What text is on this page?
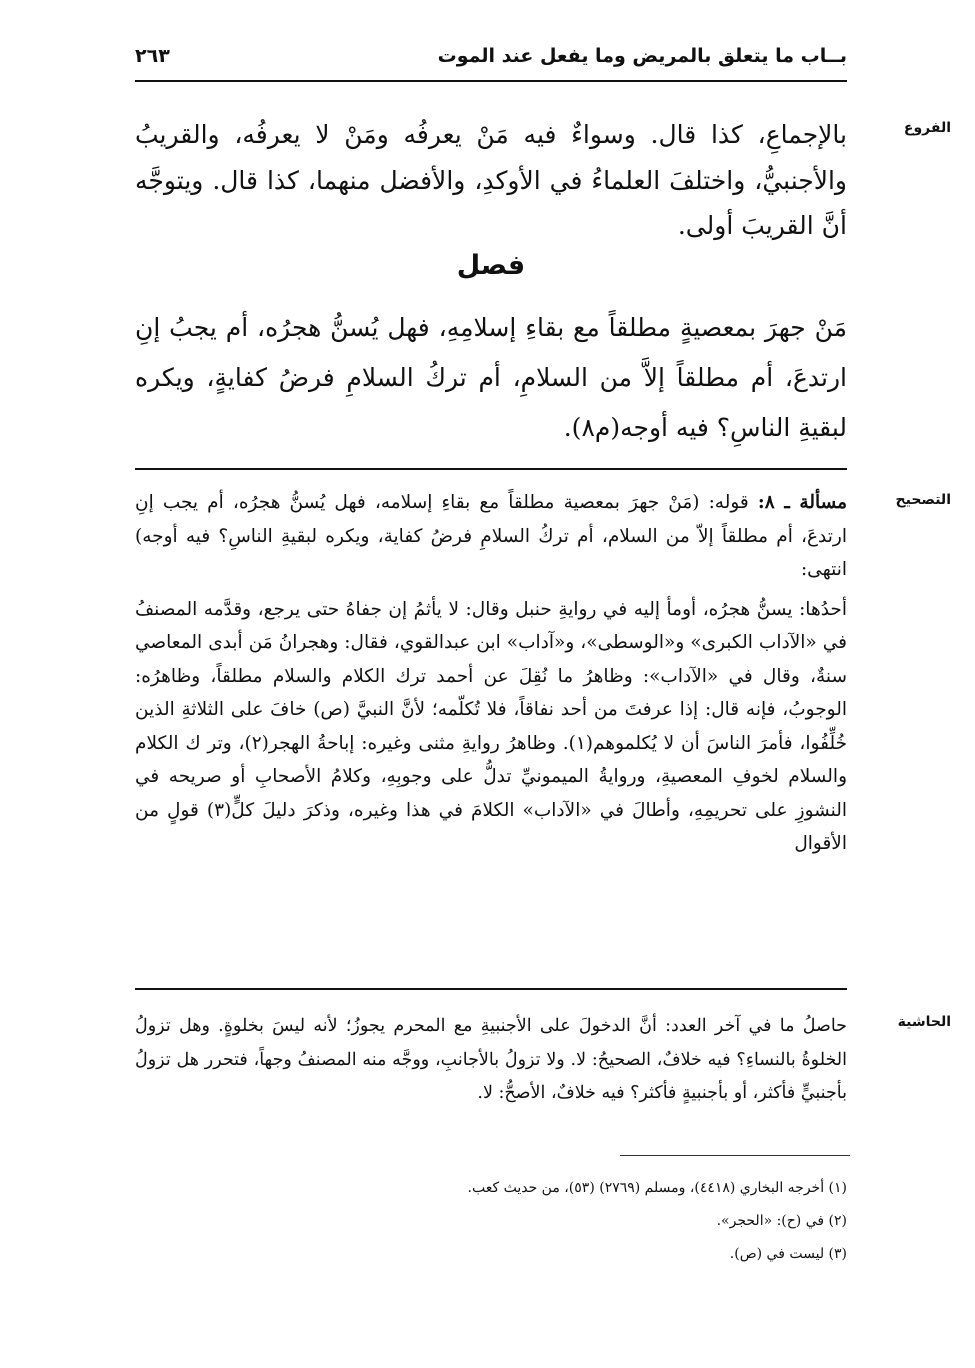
بــاب ما يتعلق بالمريض وما يفعل عند الموت
٢٦٣
الفروع

بالإجماعِ، كذا قال. وسواءٌ فيه مَنْ يعرفُه ومَنْ لا يعرفُه، والقريبُ والأجنبيُّ، واختلفَ العلماءُ في الأوكدِ، والأفضل منهما، كذا قال. ويتوجَّه أنَّ القريبَ أولى.

فصل

مَنْ جهرَ بمعصيةٍ مطلقاً مع بقاءِ إسلامِهِ، فهل يُسنُّ هجرُه، أم يجبُ إنِ ارتدعَ، أم مطلقاً إلاَّ من السلامِ، أم تركُ السلامِ فرضُ كفايةٍ، ويكره لبقيةِ الناسِ؟ فيه أوجه(م٨).

التصحيح

مسألة ـ ٨: قوله: (مَنْ جهرَ بمعصية مطلقاً مع بقاءِ إسلامه، فهل يُسنُّ هجرُه، أم يجب إنِ ارتدعَ، أم مطلقاً إلاّ من السلام، أم تركُ السلامِ فرضُ كفاية، ويكره لبقيةِ الناسِ؟ فيه أوجه) انتهى:

أحدُها: يسنُّ هجرُه، أومأ إليه في روايةِ حنبل وقال: لا يأثمُ إن جفاهُ حتى يرجع، وقدَّمه المصنفُ في «الآداب الكبرى» و«الوسطى»، و«آداب» ابن عبدالقوي، فقال: وهجرانُ مَن أبدى المعاصي سنةٌ، وقال في «الآداب»: وظاهرُ ما نُقِلَ عن أحمد ترك الكلام والسلام مطلقاً، وظاهرُه: الوجوبُ، فإنه قال: إذا عرفتَ من أحد نفاقاً، فلا تُكلّمه؛ لأنَّ النبيَّ (ص) خافَ على الثلاثةِ الذين خُلِّفُوا، فأمرَ الناسَ أن لا يُكلموهم(١). وظاهرُ روايةِ مثنى وغيره: إباحةُ الهجر(٢)، وتر ك الكلام والسلام لخوفِ المعصيةِ، وروايةُ الميمونيِّ تدلُّ على وجوبِهِ، وكلامُ الأصحابِ أو صريحه في النشوزِ على تحريمِهِ، وأطالَ في «الآداب» الكلامَ في هذا وغيره، وذكرَ دليلَ كلٍّ(٣) قولٍ من الأقوال

الحاشية

حاصلُ ما في آخر العدد: أنَّ الدخولَ على الأجنبيةِ مع المحرم يجوزُ؛ لأنه ليسَ بخلوةٍ. وهل تزولُ الخلوةُ بالنساءِ؟ فيه خلافٌ، الصحيحُ: لا. ولا تزولُ بالأجانبِ، ووجَّه منه المصنفُ وجهاً، فتحرر هل تزولُ بأجنبيٍّ فأكثر، أو بأجنبيةٍ فأكثر؟ فيه خلافٌ، الأصحُّ: لا.

(١) أخرجه البخاري (٤٤١٨)، ومسلم (٢٧٦٩) (٥٣)، من حديث كعب.
(٢) في (ح): «الحجر».
(٣) ليست في (ص).
